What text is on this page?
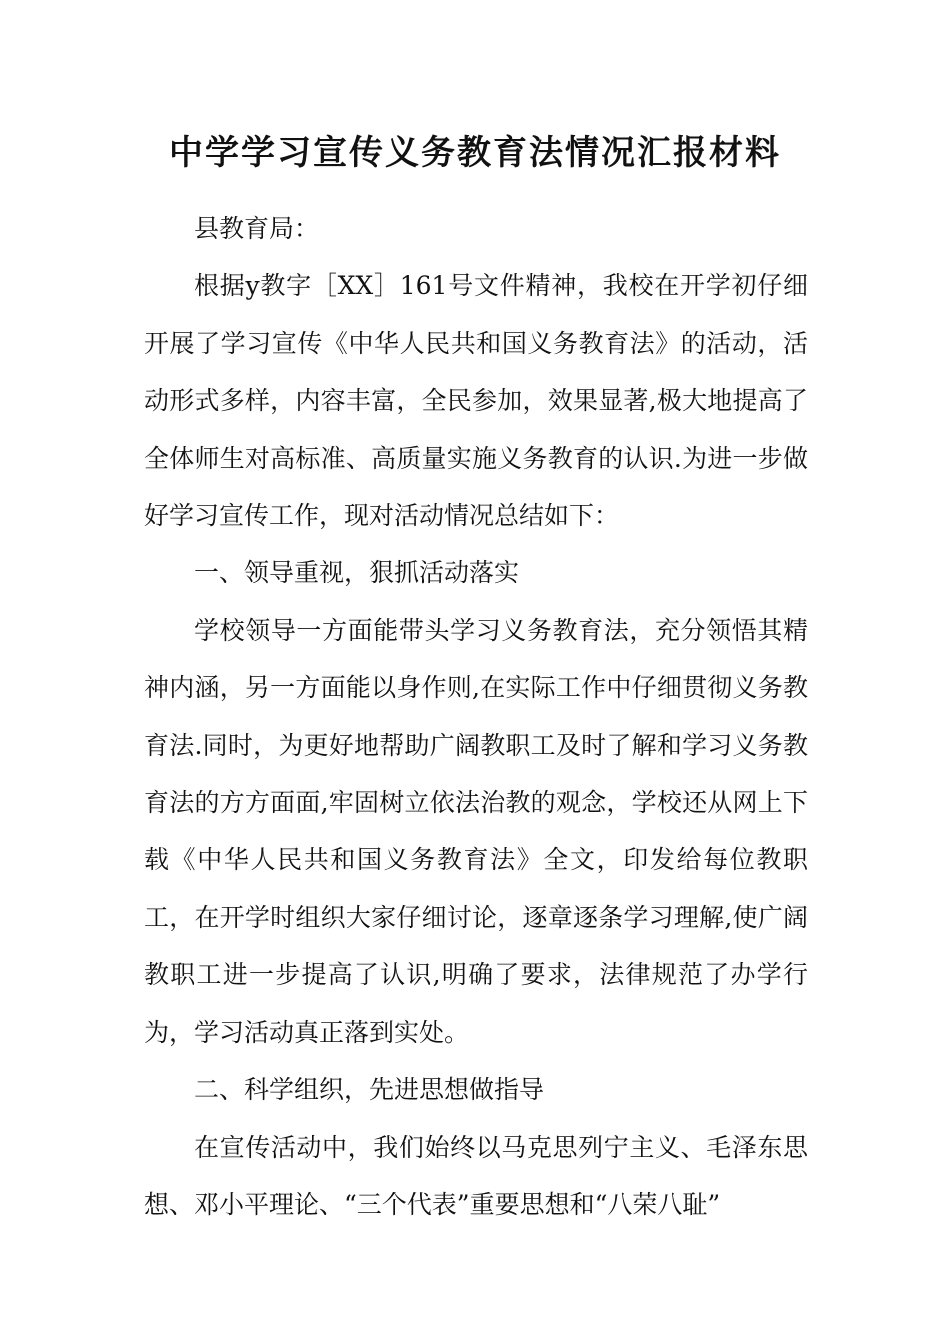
中学学习宣传义务教育法情况汇报材料

县教育局：

根据y教字［XX］161号文件精神，我校在开学初仔细开展了学习宣传《中华人民共和国义务教育法》的活动，活动形式多样，内容丰富，全民参加，效果显著,极大地提高了全体师生对高标准、高质量实施义务教育的认识.为进一步做好学习宣传工作，现对活动情况总结如下：

一、领导重视，狠抓活动落实

学校领导一方面能带头学习义务教育法，充分领悟其精神内涵，另一方面能以身作则,在实际工作中仔细贯彻义务教育法.同时，为更好地帮助广阔教职工及时了解和学习义务教育法的方方面面,牢固树立依法治教的观念，学校还从网上下载《中华人民共和国义务教育法》全文，印发给每位教职工，在开学时组织大家仔细讨论，逐章逐条学习理解,使广阔教职工进一步提高了认识,明确了要求，法律规范了办学行为，学习活动真正落到实处。

二、科学组织，先进思想做指导

在宣传活动中，我们始终以马克思列宁主义、毛泽东思想、邓小平理论、“三个代表”重要思想和“八荣八耻”
